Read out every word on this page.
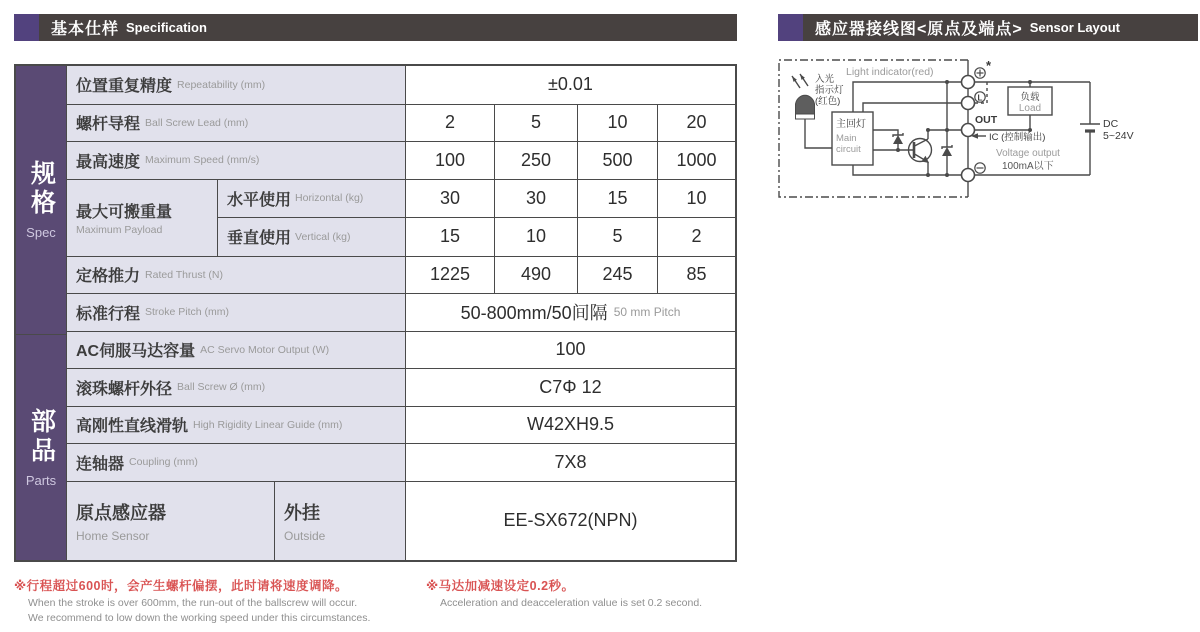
基本仕样 Specification	感应器接线图<原点及端点> Sensor Layout
规格
Spec
部品
Parts
位置重复精度 Repeatability (mm)	±0.01
螺杆导程 Ball Screw Lead (mm)	2	5	10	20
最高速度 Maximum Speed (mm/s)	100	250	500	1000
最大可搬重量
Maximum Payload
水平使用 Horizontal (kg)	30	30	15	10
垂直使用 Vertical (kg)	15	10	5	2
定格推力 Rated Thrust (N)	1225	490	245	85
标准行程 Stroke Pitch (mm)	50-800mm/50间隔 50 mm Pitch
AC伺服马达容量 AC Servo Motor Output (W)	100
滚珠螺杆外径 Ball Screw Ø (mm)	C7Φ 12
高刚性直线滑轨 High Rigidity Linear Guide (mm)	W42XH9.5
连轴器 Coupling (mm)	7X8
原点感应器
Home Sensor
外挂
Outside
EE-SX672(NPN)
※行程超过600时，会产生螺杆偏摆，此时请将速度调降。
When the stroke is over 600mm, the run-out of the ballscrew will occur.
We recommend to low down the working speed under this circumstances.
※马达加减速设定0.2秒。
Acceleration and deacceleration value is set 0.2 second.
Light indicator(red)
入光
指示灯
(红色)
主回灯
Main
circuit
负载
Load
OUT
IC (控制输出)
Voltage output
100mA以下
DC
5~24V
*
L
